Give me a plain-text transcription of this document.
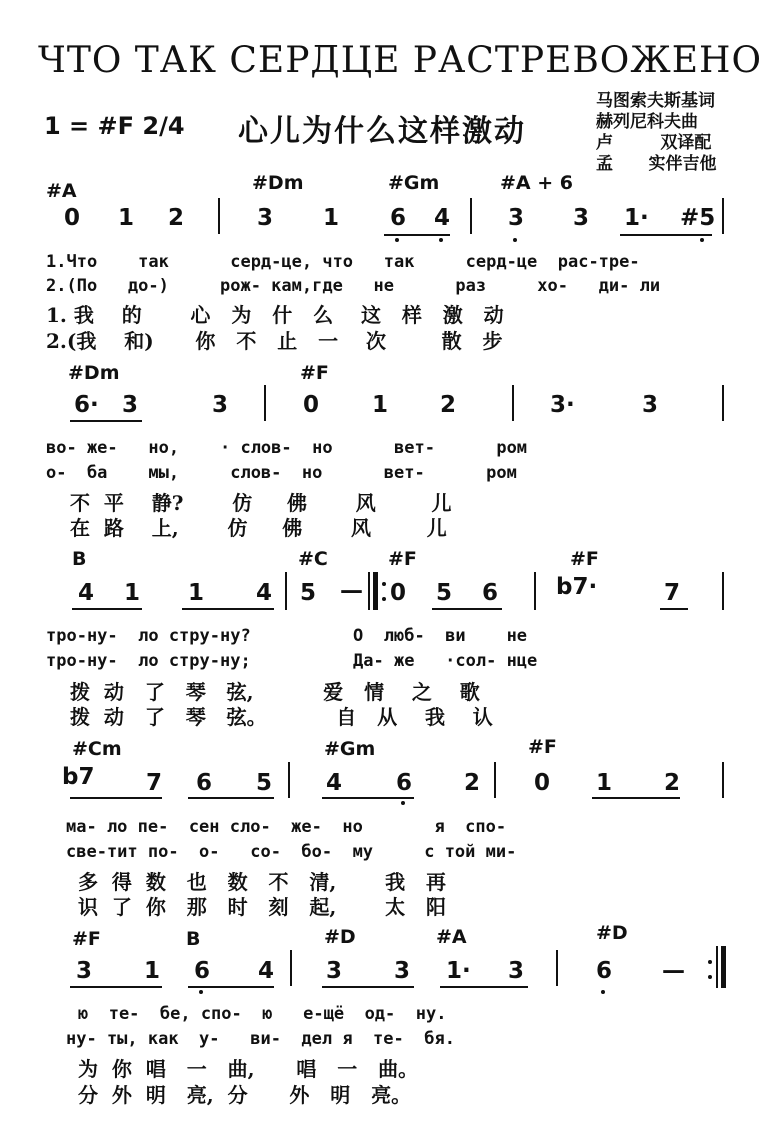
ЧТО ТАК СЕРДЦЕ РАСТРЕВОЖЕНО
1 = #F 2/4 心儿为什么这样激动
马图索夫斯基词
赫列尼科夫曲
卢        双译配
孟      实伴吉他
#A	#Dm	#Gm	#A + 6
0 1 2	3 1 6 4	3 3 1· #5
1.Что    так      серд-це, что   так     серд-це  рас-тре-
2.(По   до-)     рож- кам,где   не      раз     хо-   ди- ли
1. 我    的       心   为   什   么    这   样   激   动
2.(我    和)      你   不   止   一    次        散   步
#Dm	#F
6· 3	3	0 1 2	3·	3
во- же-   но,    · слов-  но      вет-      ром
о-  ба    мы,     слов-  но      вет-      ром
不  平    静?       仿     佛       风        儿
在  路    上,       仿     佛       风        儿
B	#C	#F	#F
4 1 1 4 5 — 0 5 6	b7·	7
тро-ну-  ло стру-ну?          О  люб-  ви    не
тро-ну-  ло стру-ну;          Да- же   ·сол- нце
拨  动   了   琴   弦,          爱   情    之    歌
拨  动   了   琴   弦。          自   从    我    认
#Cm	#Gm	#F
b7 7 6 5 4 6 2 0 1 2
ма- ло пе-  сен сло-  же-  но       я  спо-
све-тит по-  о-   со-  бо-  му     с той ми-
多  得  数   也   数   不   清,       我   再
识  了  你   那   时   刻   起,       太   阳
#F	B	#D	#A	#D
3 1 6 4 3 3 1· 3	6 —
ю  те-  бе, спо-  ю   е-щё  од-  ну.
ну- ты, как  у-   ви-  дел я  те-  бя.
为  你  唱   一   曲,      唱   一   曲。
分  外  明   亮,  分      外   明   亮。
